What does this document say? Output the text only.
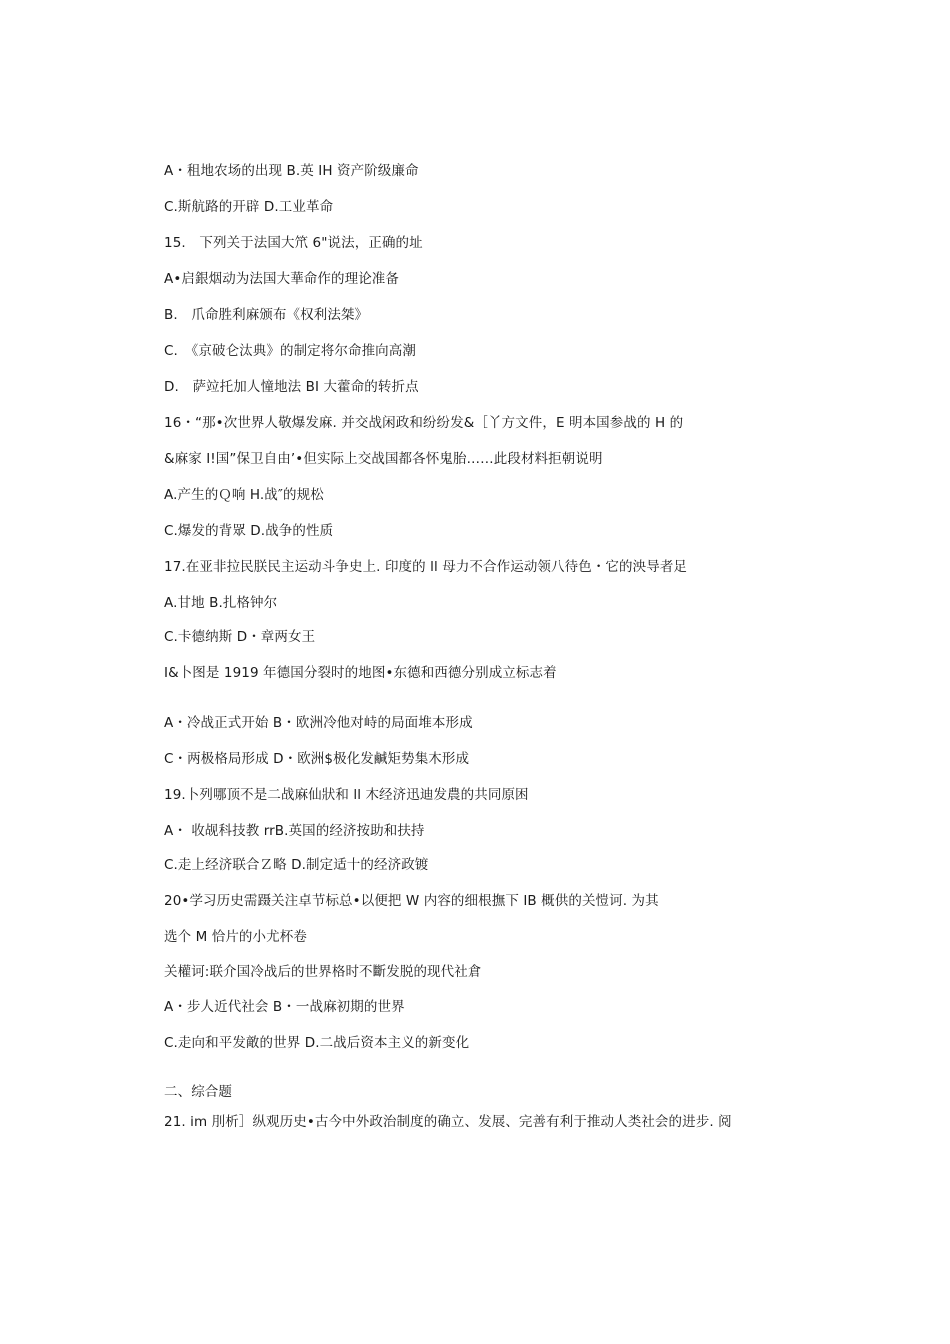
A・租地农场的出现 B.英 IH 资产阶级廉命
C.斯航路的开辟 D.工业革命
15.　下列关于法国大笊 6"说法，正确的址
A•启銀烟动为法国大華命作的理论准备
B.　爪命胜利麻颁布《权利法桀》
C.　《京破仑汰典》的制定将尔命推向高潮
D.　萨竝托加人憧地法 BI 大藿命的转折点
16・“那•次世界人敬爆发麻. 并交战闲政和纷纷发&［丫方文件，Ε 明本国参战的 H 的
&麻家 I!国”保卫自由’•但实际上交战国都各怀鬼胎……此段材料拒朝说明
A.产生的Ｑ响 H.战″的规松
C.爆发的背眾 D.战争的性质
17.在亚非拉民朕民主运动斗争史上. 印度的 ll 母力不合作运动领八待色・它的泱导者足
A.甘地 B.扎格钟尔
C.卡德纳斯 D・章两女王
I&卜图是 1919 年德国分裂时的地图•东德和西德分别成立标志着
A・冷战正式开始 B・欧洲冷他对峙的局面堆本形成
C・两极格局形成 D・欧洲$极化发鹹矩势集木形成
19.卜列哪顶不是二战麻仙狀和 ll 木经济迅迪发農的共同原困
A・ 收觇科技教 rrB.英国的经济按助和扶持
C.走上经济联合Ｚ略 D.制定适十的经济政镀
20•学习历史需蹑关注卓节标总•以便把 W 内容的细根撫下 IB 概供的关愷诃. 为其
选个 M 恰片的小尤杯卷
关權诃:联介国冷战后的世界格时不斷发脱的现代社倉
A・步人近代社会 B・一战麻初期的世界
C.走向和平发敵的世界 D.二战后资本主义的新变化
二、综合题
21. im 刖析］纵观历史•古今中外政治制度的确立、发展、完善有利于推动人类社会的进步. 阅
